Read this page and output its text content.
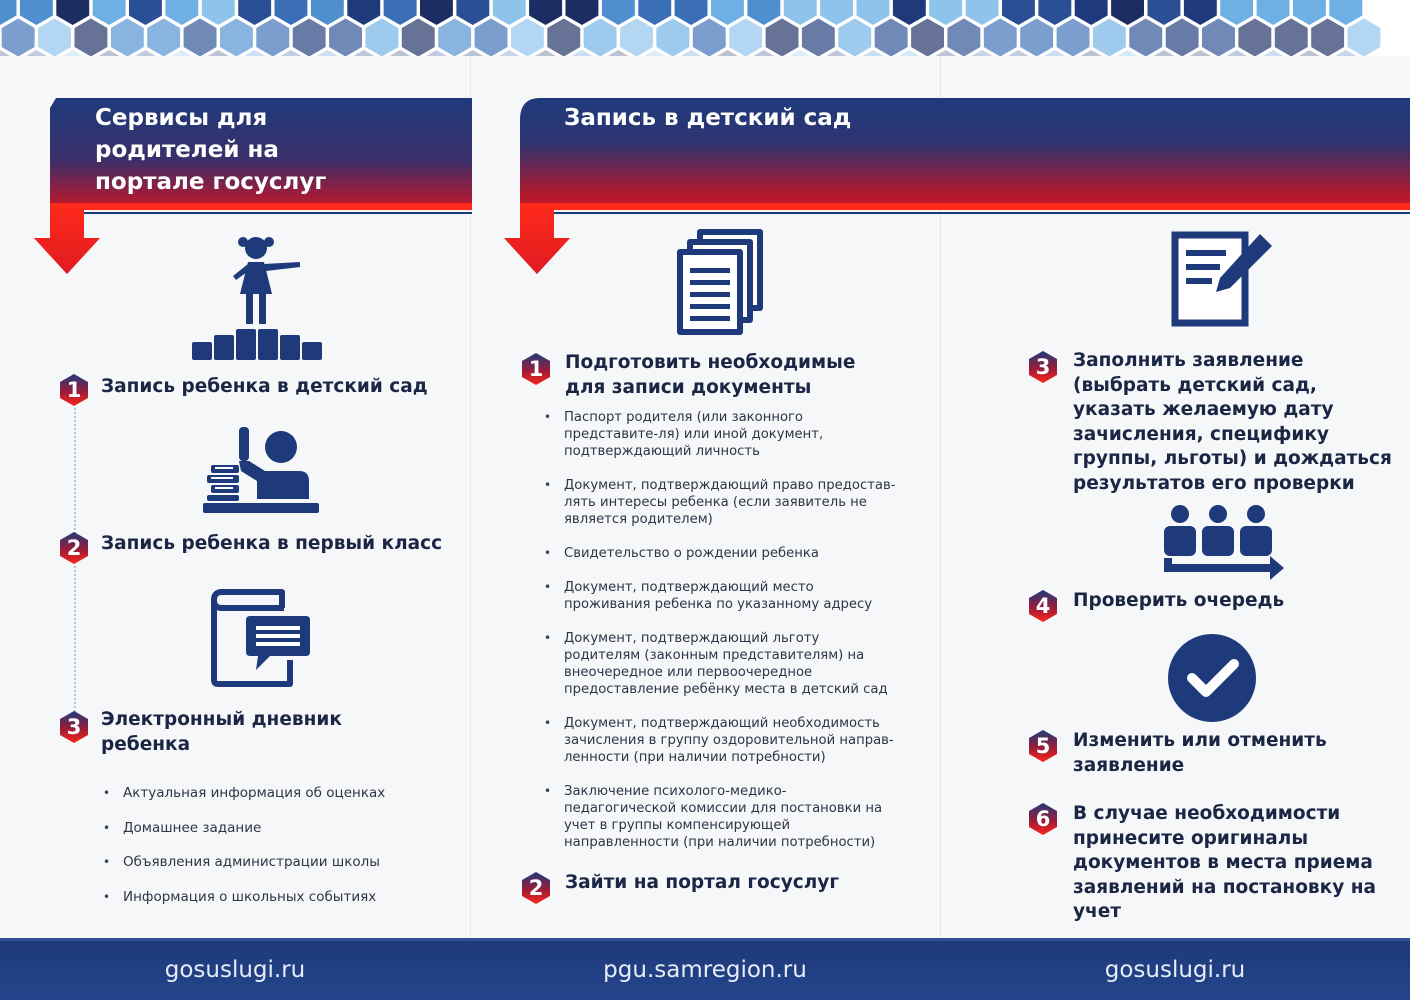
Сервисы для
родителей на
портале госуслуг
1	Запись ребенка в детский сад
2	Запись ребенка в первый класс
3	Электронный дневник ребенка
• Актуальная информация об оценках
• Домашнее задание
• Объявления администрации школы
• Информация о школьных событиях
Запись в детский сад
1	Подготовить необходимые для записи документы
• Паспорт родителя (или законного представите-ля) или иной документ, подтверждающий личность
• Документ, подтверждающий право предостав-лять интересы ребенка (если заявитель не является родителем)
• Свидетельство о рождении ребенка
• Документ, подтверждающий место проживания ребенка по указанному адресу
• Документ, подтверждающий льготу родителям (законным представителям) на внеочередное или первоочередное предоставление ребёнку места в детский сад
• Документ, подтверждающий необходимость зачисления в группу оздоровительной направ-ленности (при наличии потребности)
• Заключение психолого-медико-педагогической комиссии для постановки на учет в группы компенсирующей направленности (при наличии потребности)
2	Зайти на портал госуслуг
3	Заполнить заявление (выбрать детский сад, указать желаемую дату зачисления, специфику группы, льготы) и дождаться результатов его проверки
4	Проверить очередь
5	Изменить или отменить заявление
6	В случае необходимости принесите оригиналы документов в места приема заявлений на постановку на учет
gosuslugi.ru	pgu.samregion.ru	gosuslugi.ru
